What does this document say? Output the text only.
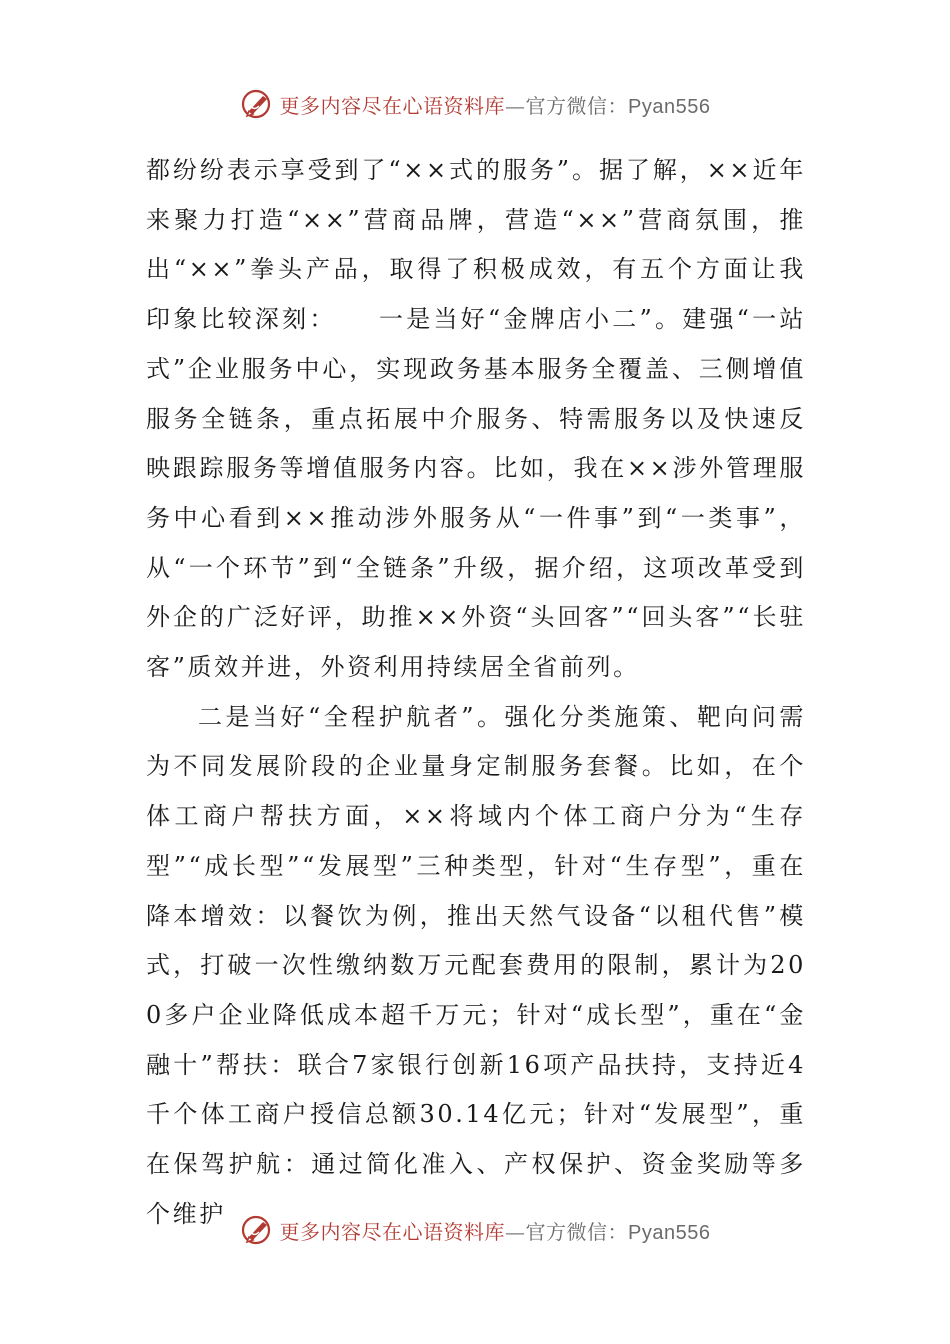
更多内容尽在心语资料库—官方微信：Pyan556

都纷纷表示享受到了“××式的服务”。据了解，××近年来聚力打造“××”营商品牌，营造“××”营商氛围，推出“××”拳头产品，取得了积极成效，有五个方面让我印象比较深刻：　　一是当好“金牌店小二”。建强“一站式”企业服务中心，实现政务基本服务全覆盖、三侧增值服务全链条，重点拓展中介服务、特需服务以及快速反映跟踪服务等增值服务内容。比如，我在××涉外管理服务中心看到××推动涉外服务从“一件事”到“一类事”，从“一个环节”到“全链条”升级，据介绍，这项改革受到外企的广泛好评，助推××外资“头回客”“回头客”“长驻客”质效并进，外资利用持续居全省前列。

二是当好“全程护航者”。强化分类施策、靶向问需为不同发展阶段的企业量身定制服务套餐。比如，在个体工商户帮扶方面，××将域内个体工商户分为“生存型”“成长型”“发展型”三种类型，针对“生存型”，重在降本增效：以餐饮为例，推出天然气设备“以租代售”模式，打破一次性缴纳数万元配套费用的限制，累计为200多户企业降低成本超千万元；针对“成长型”，重在“金融十”帮扶：联合7家银行创新16项产品扶持，支持近4千个体工商户授信总额30.14亿元；针对“发展型”，重在保驾护航：通过简化准入、产权保护、资金奖励等多个维护

更多内容尽在心语资料库—官方微信：Pyan556
